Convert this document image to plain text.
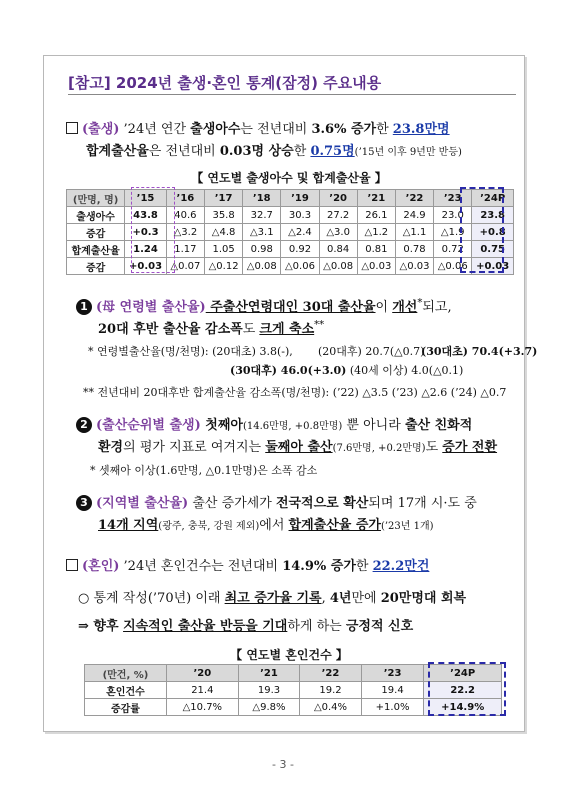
[참고] 2024년 출생·혼인 통계(잠정) 주요내용
(출생) ’24년 연간 출생아수는 전년대비 3.6% 증가한 23.8만명
합계출산율은 전년대비 0.03명 상승한 0.75명(’15년 이후 9년만 반등)
【 연도별 출생아수 및 합계출산율 】
(만명, 명)	’15	’16	’17	’18	’19	’20	’21	’22	’23	’24P
출생아수	43.8	40.6	35.8	32.7	30.3	27.2	26.1	24.9	23.0	23.8
증감	+0.3	△3.2	△4.8	△3.1	△2.4	△3.0	△1.2	△1.1	△1.9	+0.8
합계출산율	1.24	1.17	1.05	0.98	0.92	0.84	0.81	0.78	0.72	0.75
증감	+0.03	△0.07	△0.12	△0.08	△0.06	△0.08	△0.03	△0.03	△0.06	+0.03
1 (母 연령별 출산율) 주출산연령대인 30대 출산율이 개선*되고,
20대 후반 출산율 감소폭도 크게 축소**
* 연령별출산율(명/천명): (20대초) 3.8(-), (20대후) 20.7(△0.7)
(30대초) 70.4(+3.7)
(30대후) 46.0(+3.0) (40세 이상) 4.0(△0.1)
** 전년대비 20대후반 합계출산율 감소폭(명/천명): (’22) △3.5 (’23) △2.6 (’24) △0.7
2 (출산순위별 출생) 첫째아(14.6만명, +0.8만명) 뿐 아니라 출산 친화적
환경의 평가 지표로 여겨지는 둘째아 출산(7.6만명, +0.2만명)도 증가 전환
* 셋째아 이상(1.6만명, △0.1만명)은 소폭 감소
3 (지역별 출산율) 출산 증가세가 전국적으로 확산되며 17개 시·도 중
14개 지역(광주, 충북, 강원 제외)에서 합계출산율 증가(’23년 1개)
(혼인) ’24년 혼인건수는 전년대비 14.9% 증가한 22.2만건
○ 통계 작성(’70년) 이래 최고 증가율 기록, 4년만에 20만명대 회복
⇒ 향후 지속적인 출산율 반등을 기대하게 하는 긍정적 신호
【 연도별 혼인건수 】
(만건, %)	’20	’21	’22	’23	’24P
혼인건수	21.4	19.3	19.2	19.4	22.2
증감률	△10.7%	△9.8%	△0.4%	+1.0%	+14.9%
- 3 -
